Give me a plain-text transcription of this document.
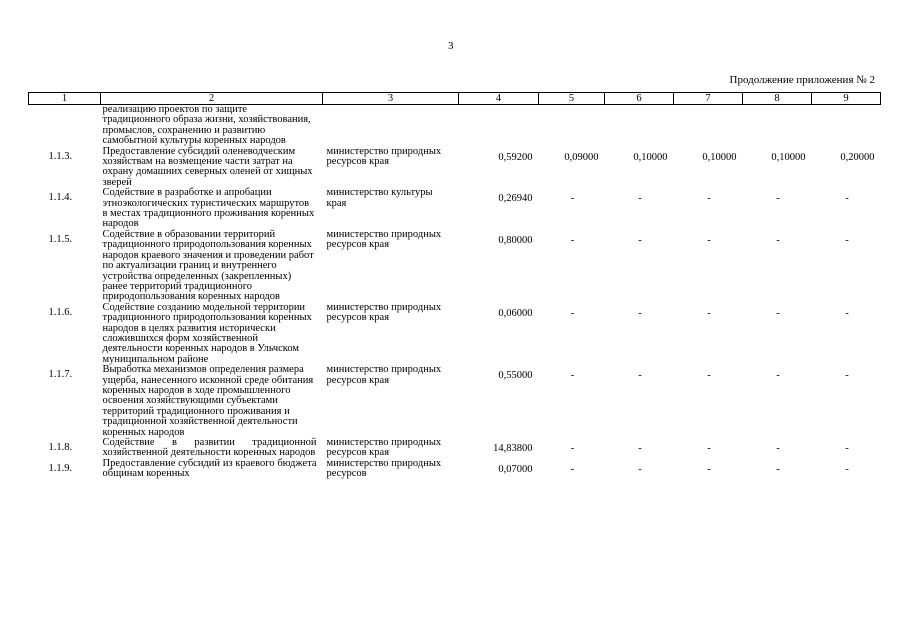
3
Продолжение приложения № 2
1	2	3	4	5	6	7	8	9
	реализацию проектов по защите традиционного образа жизни, хозяйствования, промыслов, сохранению и развитию самобытной культуры коренных народов							
1.1.3.	Предоставление субсидий оленеводческим хозяйствам на возмещение части затрат на охрану домашних северных оленей от хищных зверей	министерство природных ресурсов края	0,59200	0,09000	0,10000	0,10000	0,10000	0,20000
1.1.4.	Содействие в разработке и апробации этноэкологических туристических маршрутов в местах традиционного проживания коренных народов	министерство культуры края	0,26940	-	-	-	-	-
1.1.5.	Содействие в образовании территорий традиционного природопользования коренных народов краевого значения и проведении работ по актуализации границ и внутреннего устройства определенных (закрепленных) ранее территорий традиционного природопользования коренных народов	министерство природных ресурсов края	0,80000	-	-	-	-	-
1.1.6.	Содействие созданию модельной территории традиционного природопользования коренных народов в целях развития исторически сложившихся форм хозяйственной деятельности коренных народов в Ульчском муниципальном районе	министерство природных ресурсов края	0,06000	-	-	-	-	-
1.1.7.	Выработка механизмов определения размера ущерба, нанесенного исконной среде обитания коренных народов в ходе промышленного освоения хозяйствующими субъектами территорий традиционного проживания и традиционной хозяйственной деятельности коренных народов	министерство природных ресурсов края	0,55000	-	-	-	-	-
1.1.8.	Содействие в развитии традиционной хозяйственной деятельности коренных народов	министерство природных ресурсов края	14,83800	-	-	-	-	-
1.1.9.	Предоставление субсидий из краевого бюджета общинам коренных	министерство природных ресурсов	0,07000	-	-	-	-	-
